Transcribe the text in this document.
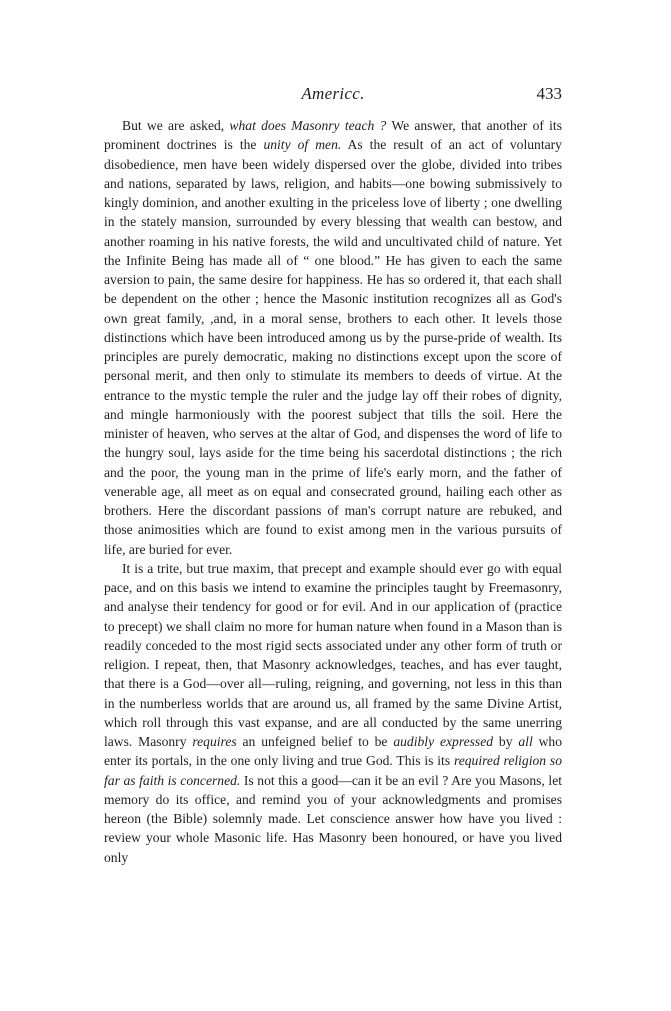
Americc.	433

But we are asked, what does Masonry teach ? We answer, that another of its prominent doctrines is the unity of men. As the result of an act of voluntary disobedience, men have been widely dispersed over the globe, divided into tribes and nations, separated by laws, religion, and habits—one bowing submissively to kingly dominion, and another exulting in the priceless love of liberty ; one dwelling in the stately mansion, surrounded by every blessing that wealth can bestow, and another roaming in his native forests, the wild and uncultivated child of nature. Yet the Infinite Being has made all of “ one blood.” He has given to each the same aversion to pain, the same desire for happiness. He has so ordered it, that each shall be dependent on the other ; hence the Masonic institution recognizes all as God's own great family, ,and, in a moral sense, brothers to each other. It levels those distinctions which have been introduced among us by the purse-pride of wealth. Its principles are purely democratic, making no distinctions except upon the score of personal merit, and then only to stimulate its members to deeds of virtue. At the entrance to the mystic temple the ruler and the judge lay off their robes of dignity, and mingle harmoniously with the poorest subject that tills the soil. Here the minister of heaven, who serves at the altar of God, and dispenses the word of life to the hungry soul, lays aside for the time being his sacerdotal distinctions ; the rich and the poor, the young man in the prime of life's early morn, and the father of venerable age, all meet as on equal and consecrated ground, hailing each other as brothers. Here the discordant passions of man's corrupt nature are rebuked, and those animosities which are found to exist among men in the various pursuits of life, are buried for ever.

It is a trite, but true maxim, that precept and example should ever go with equal pace, and on this basis we intend to examine the principles taught by Freemasonry, and analyse their tendency for good or for evil. And in our application of (practice to precept) we shall claim no more for human nature when found in a Mason than is readily conceded to the most rigid sects associated under any other form of truth or religion. I repeat, then, that Masonry acknowledges, teaches, and has ever taught, that there is a God—over all—ruling, reigning, and governing, not less in this than in the numberless worlds that are around us, all framed by the same Divine Artist, which roll through this vast expanse, and are all conducted by the same unerring laws. Masonry requires an unfeigned belief to be audibly expressed by all who enter its portals, in the one only living and true God. This is its required religion so far as faith is concerned. Is not this a good—can it be an evil ? Are you Masons, let memory do its office, and remind you of your acknowledgments and promises hereon (the Bible) solemnly made. Let conscience answer how have you lived : review your whole Masonic life. Has Masonry been honoured, or have you lived only
